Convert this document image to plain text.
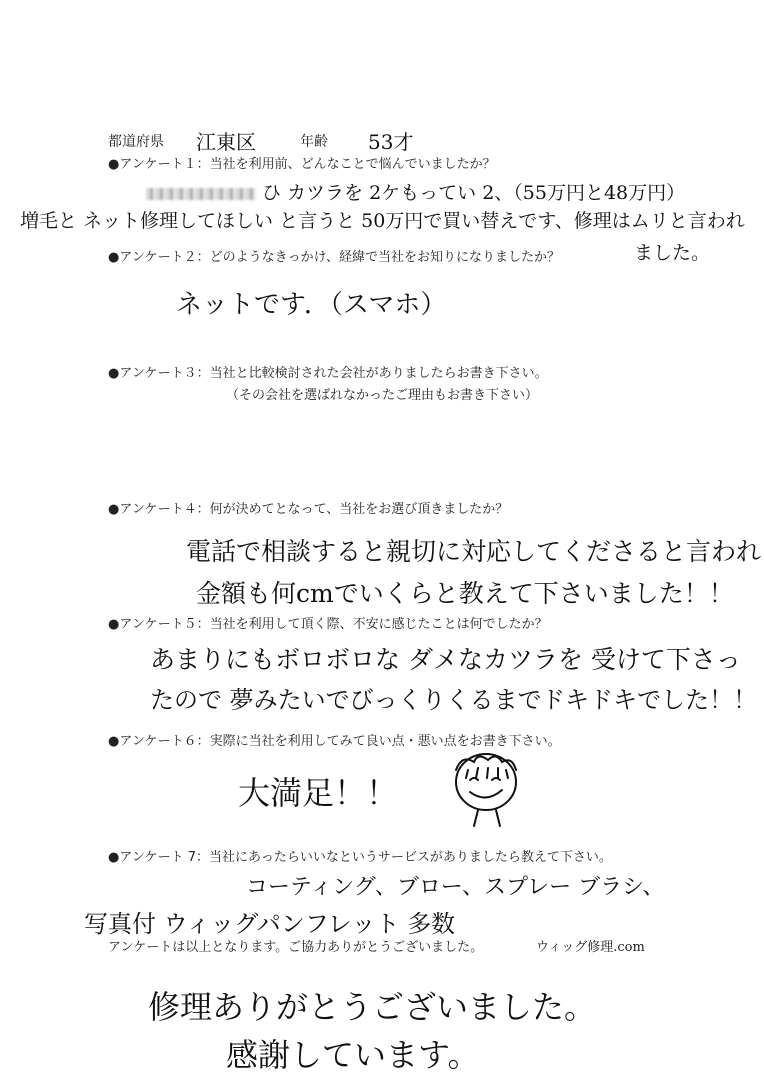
都道府県 江東区	年齢 53才
●アンケート１：当社を利用前、どんなことで悩んでいましたか？
ひ カツラを 2ケもってい 2、（55万円と48万円）
増毛と ネット修理してほしい と言うと 50万円で買い替えです、修理はムリと言われ
ました。
●アンケート２：どのようなきっかけ、経緯で当社をお知りになりましたか？
ネットです．（スマホ）
●アンケート３：当社と比較検討された会社がありましたらお書き下さい。
（その会社を選ばれなかったご理由もお書き下さい）
●アンケート４：何が決めてとなって、当社をお選び頂きましたか？
電話で相談すると親切に対応してくださると言われ
金額も何cmでいくらと教えて下さいました！！
●アンケート５：当社を利用して頂く際、不安に感じたことは何でしたか？
あまりにもボロボロな ダメなカツラを 受けて下さっ
たので 夢みたいでびっくりくるまでドキドキでした！！
●アンケート６：実際に当社を利用してみて良い点・悪い点をお書き下さい。
大満足！！
●アンケート 7：当社にあったらいいなというサービスがありましたら教えて下さい。
コーティング、ブロー、スプレー ブラシ、
写真付 ウィッグパンフレット 多数
アンケートは以上となります。ご協力ありがとうございました。	ウィッグ修理.com
修理ありがとうございました。
感謝しています。
